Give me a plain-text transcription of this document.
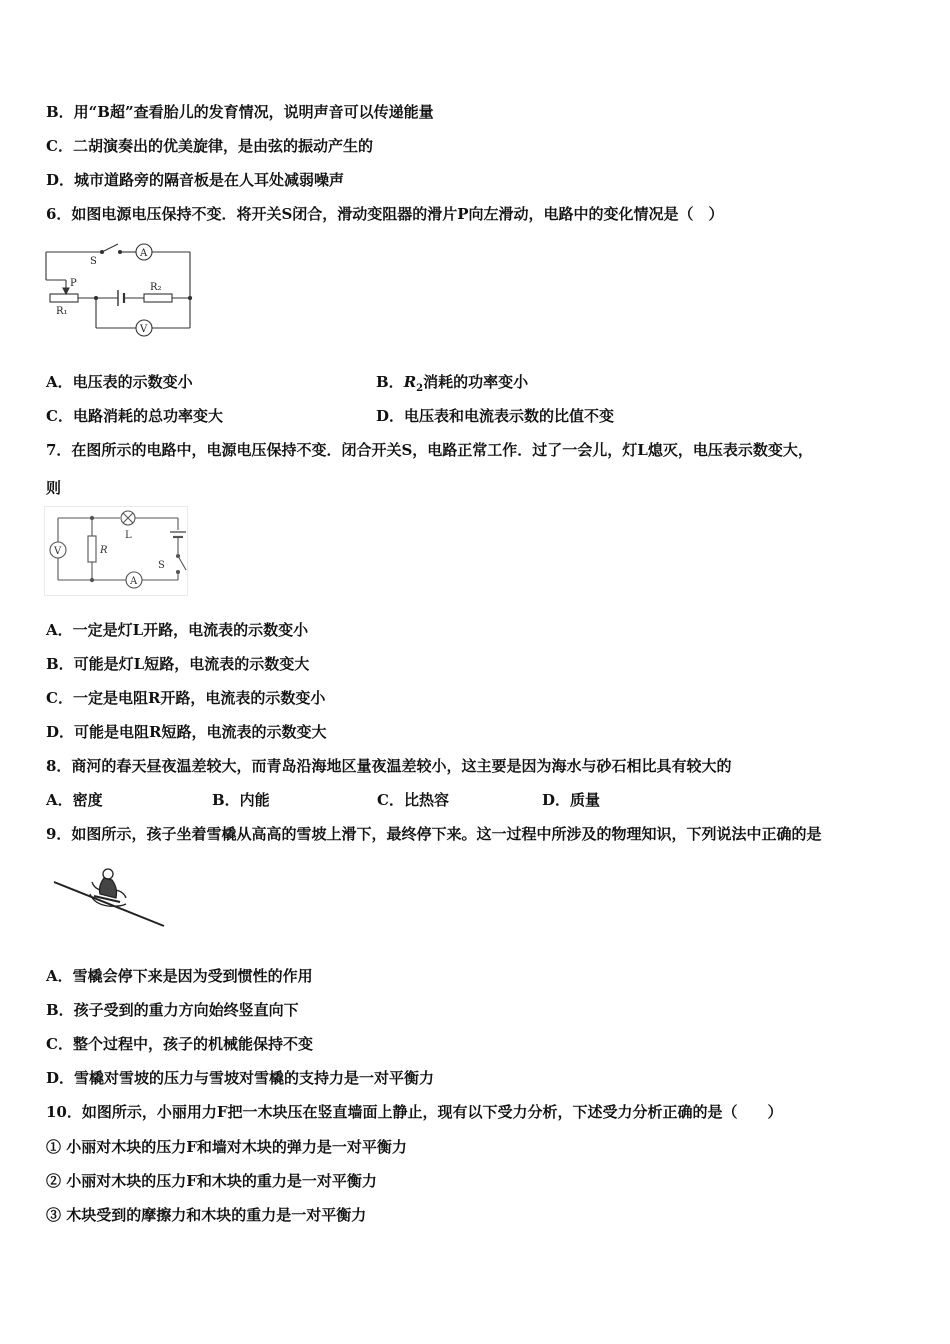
B．用“B超”查看胎儿的发育情况，说明声音可以传递能量
C．二胡演奏出的优美旋律，是由弦的振动产生的
D．城市道路旁的隔音板是在人耳处减弱噪声
6．如图电源电压保持不变．将开关S闭合，滑动变阻器的滑片P向左滑动，电路中的变化情况是（　）
S
A
P
R₁
R₂
V
A．电压表的示数变小	B．$R_2$消耗的功率变小
C．电路消耗的总功率变大	D．电压表和电流表示数的比值不变
7．在图所示的电路中，电源电压保持不变．闭合开关S，电路正常工作．过了一会儿，灯L熄灭，电压表示数变大，
则
V	R
L
A
S
A．一定是灯L开路，电流表的示数变小
B．可能是灯L短路，电流表的示数变大
C．一定是电阻R开路，电流表的示数变小
D．可能是电阻R短路，电流表的示数变大
8．商河的春天昼夜温差较大，而青岛沿海地区量夜温差较小，这主要是因为海水与砂石相比具有较大的
A．密度	B．内能	C．比热容	D．质量
9．如图所示，孩子坐着雪橇从高高的雪坡上滑下，最终停下来。这一过程中所涉及的物理知识，下列说法中正确的是
A．雪橇会停下来是因为受到惯性的作用
B．孩子受到的重力方向始终竖直向下
C．整个过程中，孩子的机械能保持不变
D．雪橇对雪坡的压力与雪坡对雪橇的支持力是一对平衡力
10．如图所示，小丽用力F把一木块压在竖直墙面上静止，现有以下受力分析，下述受力分析正确的是（　　）
① 小丽对木块的压力F和墙对木块的弹力是一对平衡力
② 小丽对木块的压力F和木块的重力是一对平衡力
③ 木块受到的摩擦力和木块的重力是一对平衡力
